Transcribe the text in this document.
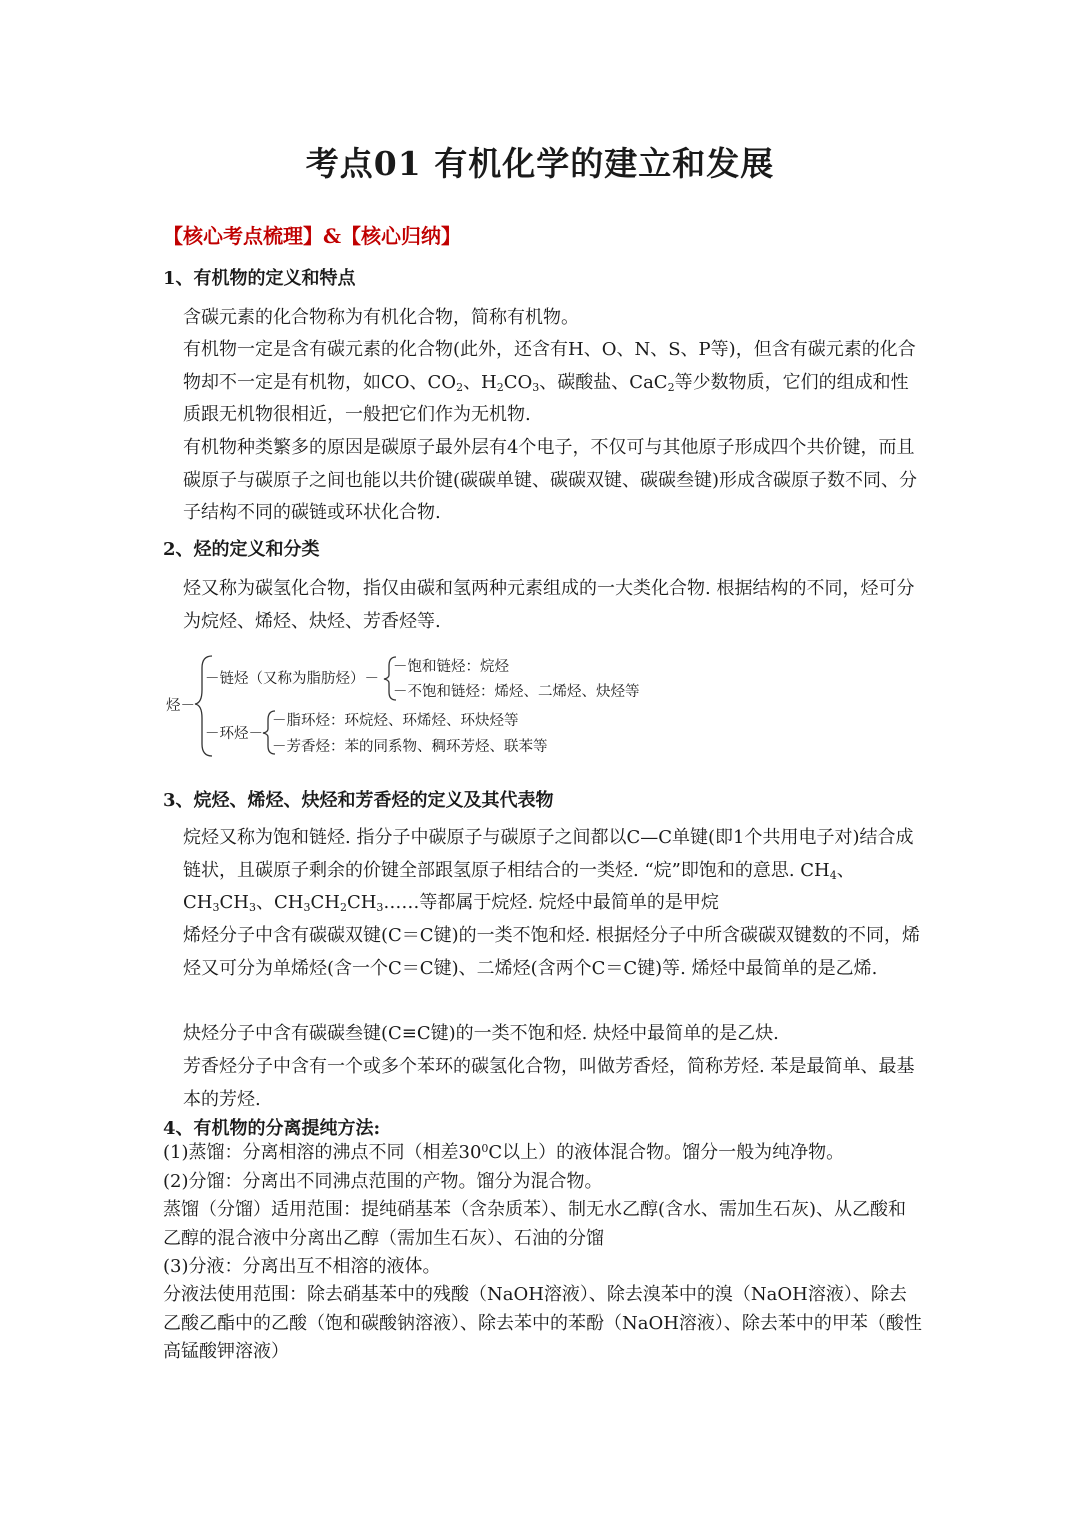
考点01 有机化学的建立和发展
【核心考点梳理】&【核心归纳】
1、有机物的定义和特点
含碳元素的化合物称为有机化合物，简称有机物。
有机物一定是含有碳元素的化合物(此外，还含有H、O、N、S、P等)，但含有碳元素的化合物却不一定是有机物，如CO、$CO_2$、$H_2CO_3$、碳酸盐、CaC$_2$等少数物质，它们的组成和性质跟无机物很相近，一般把它们作为无机物.
有机物种类繁多的原因是碳原子最外层有4个电子，不仅可与其他原子形成四个共价键，而且碳原子与碳原子之间也能以共价键(碳碳单键、碳碳双键、碳碳叁键)形成含碳原子数不同、分子结构不同的碳链或环状化合物.
2、烃的定义和分类
烃又称为碳氢化合物，指仅由碳和氢两种元素组成的一大类化合物. 根据结构的不同，烃可分为烷烃、烯烃、炔烃、芳香烃等.
烃－
－链烃（又称为脂肪烃）－
－饱和链烃：烷烃
－不饱和链烃：烯烃、二烯烃、炔烃等
－环烃－
－脂环烃：环烷烃、环烯烃、环炔烃等
－芳香烃：苯的同系物、稠环芳烃、联苯等
3、烷烃、烯烃、炔烃和芳香烃的定义及其代表物
烷烃又称为饱和链烃. 指分子中碳原子与碳原子之间都以C—C单键(即1个共用电子对)结合成链状，且碳原子剩余的价键全部跟氢原子相结合的一类烃. “烷”即饱和的意思. $CH_4$、$CH_3CH_3$、$CH_3CH_2CH_3\dots\dots$等都属于烷烃. 烷烃中最简单的是甲烷
烯烃分子中含有碳碳双键(C＝C键)的一类不饱和烃. 根据烃分子中所含碳碳双键数的不同，烯烃又可分为单烯烃(含一个C＝C键)、二烯烃(含两个C＝C键)等. 烯烃中最简单的是乙烯.
炔烃分子中含有碳碳叁键(C≡C键)的一类不饱和烃. 炔烃中最简单的是乙炔.
芳香烃分子中含有一个或多个苯环的碳氢化合物，叫做芳香烃，简称芳烃. 苯是最简单、最基本的芳烃.
4、有机物的分离提纯方法:
(1)蒸馏：分离相溶的沸点不同（相差$30^0C$以上）的液体混合物。馏分一般为纯净物。
(2)分馏：分离出不同沸点范围的产物。馏分为混合物。
蒸馏（分馏）适用范围：提纯硝基苯（含杂质苯）、制无水乙醇(含水、需加生石灰)、从乙酸和乙醇的混合液中分离出乙醇（需加生石灰）、石油的分馏
(3)分液：分离出互不相溶的液体。
分液法使用范围：除去硝基苯中的残酸（NaOH溶液）、除去溴苯中的溴（NaOH溶液）、除去乙酸乙酯中的乙酸（饱和碳酸钠溶液）、除去苯中的苯酚（NaOH溶液）、除去苯中的甲苯（酸性高锰酸钾溶液）
